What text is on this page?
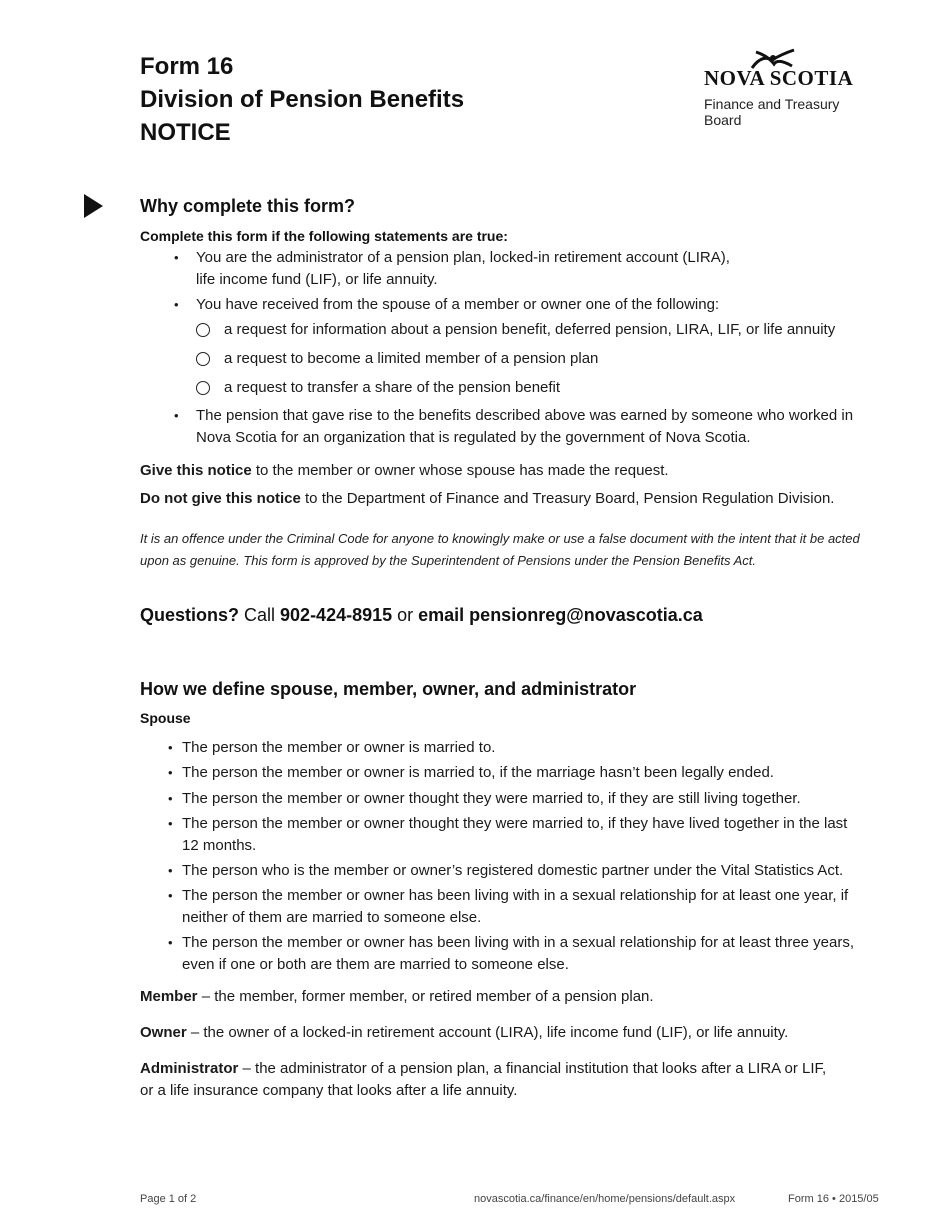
Form 16
Division of Pension Benefits
NOTICE
NOVA SCOTIA
Finance and Treasury Board
Why complete this form?
Complete this form if the following statements are true:
• You are the administrator of a pension plan, locked-in retirement account (LIRA),
life income fund (LIF), or life annuity.
• You have received from the spouse of a member or owner one of the following:
a request for information about a pension benefit, deferred pension, LIRA, LIF, or life annuity
a request to become a limited member of a pension plan
a request to transfer a share of the pension benefit
• The pension that gave rise to the benefits described above was earned by someone who worked in
Nova Scotia for an organization that is regulated by the government of Nova Scotia.
Give this notice to the member or owner whose spouse has made the request.
Do not give this notice to the Department of Finance and Treasury Board, Pension Regulation Division.
It is an offence under the Criminal Code for anyone to knowingly make or use a false document with the intent that it be acted
upon as genuine. This form is approved by the Superintendent of Pensions under the Pension Benefits Act.
Questions? Call 902-424-8915 or email pensionreg@novascotia.ca
How we define spouse, member, owner, and administrator
Spouse
• The person the member or owner is married to.
• The person the member or owner is married to, if the marriage hasn’t been legally ended.
• The person the member or owner thought they were married to, if they are still living together.
• The person the member or owner thought they were married to, if they have lived together in the last
12 months.
• The person who is the member or owner’s registered domestic partner under the Vital Statistics Act.
• The person the member or owner has been living with in a sexual relationship for at least one year, if
neither of them are married to someone else.
• The person the member or owner has been living with in a sexual relationship for at least three years,
even if one or both are them are married to someone else.
Member – the member, former member, or retired member of a pension plan.
Owner – the owner of a locked-in retirement account (LIRA), life income fund (LIF), or life annuity.
Administrator – the administrator of a pension plan, a financial institution that looks after a LIRA or LIF,
or a life insurance company that looks after a life annuity.
Page 1 of 2	novascotia.ca/finance/en/home/pensions/default.aspx	Form 16 • 2015/05
